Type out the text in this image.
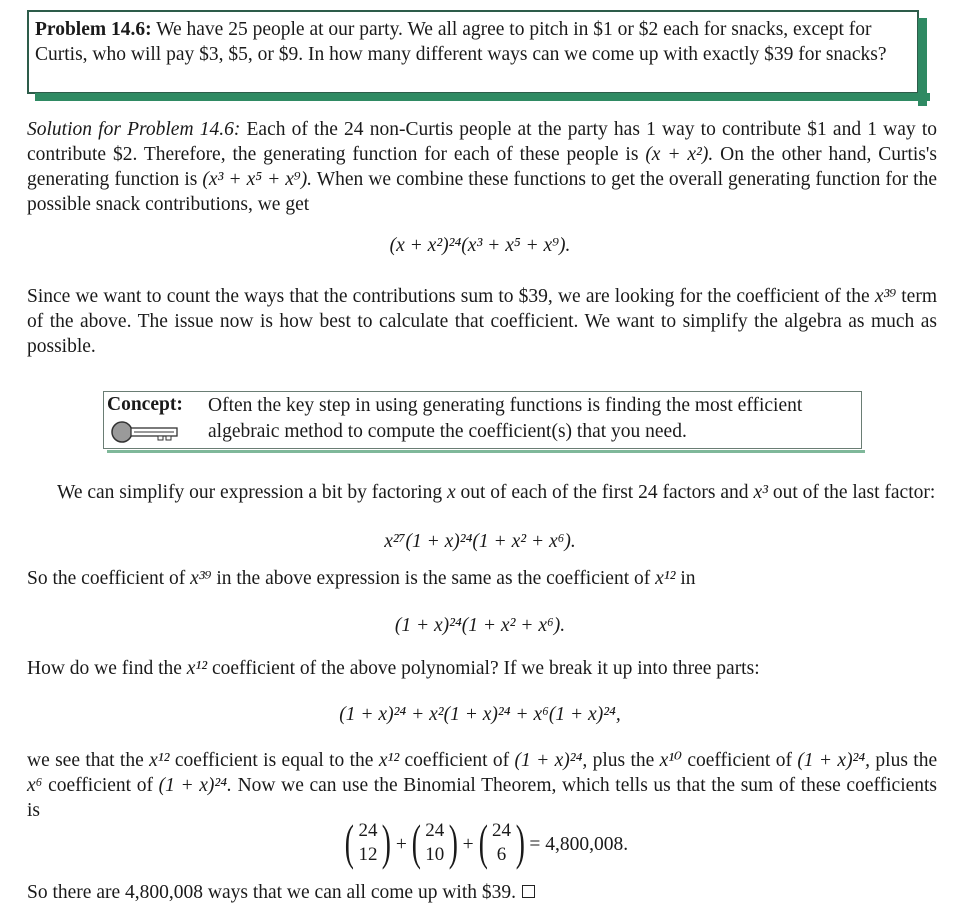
Problem 14.6: We have 25 people at our party. We all agree to pitch in $1 or $2 each for snacks, except for Curtis, who will pay $3, $5, or $9. In how many different ways can we come up with exactly $39 for snacks?
Solution for Problem 14.6: Each of the 24 non-Curtis people at the party has 1 way to contribute $1 and 1 way to contribute $2. Therefore, the generating function for each of these people is (x + x²). On the other hand, Curtis's generating function is (x³ + x⁵ + x⁹). When we combine these functions to get the overall generating function for the possible snack contributions, we get
(x + x²)²⁴(x³ + x⁵ + x⁹).
Since we want to count the ways that the contributions sum to $39, we are looking for the coefficient of the x³⁹ term of the above. The issue now is how best to calculate that coefficient. We want to simplify the algebra as much as possible.
Concept: Often the key step in using generating functions is finding the most efficient algebraic method to compute the coefficient(s) that you need.
We can simplify our expression a bit by factoring x out of each of the first 24 factors and x³ out of the last factor:
x²⁷(1 + x)²⁴(1 + x² + x⁶).
So the coefficient of x³⁹ in the above expression is the same as the coefficient of x¹² in
(1 + x)²⁴(1 + x² + x⁶).
How do we find the x¹² coefficient of the above polynomial? If we break it up into three parts:
(1 + x)²⁴ + x²(1 + x)²⁴ + x⁶(1 + x)²⁴,
we see that the x¹² coefficient is equal to the x¹² coefficient of (1 + x)²⁴, plus the x¹⁰ coefficient of (1 + x)²⁴, plus the x⁶ coefficient of (1 + x)²⁴. Now we can use the Binomial Theorem, which tells us that the sum of these coefficients is
( 24
12 ) + ( 24
10 ) + ( 24
6 ) = 4,800,008.
So there are 4,800,008 ways that we can all come up with $39.
